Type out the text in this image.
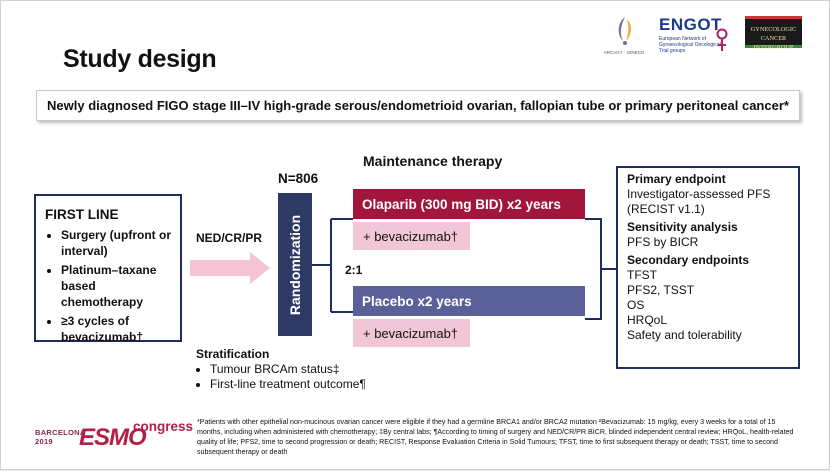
Study design	ARCAGY · GINECO
ENGOT
European Network of Gynaecological Oncological Trial groups
GYNECOLOGIC
CANCER INTERGROUP
Newly diagnosed FIGO stage III–IV high-grade serous/endometrioid ovarian, fallopian tube or primary peritoneal cancer*
FIRST LINE
• Surgery (upfront or interval)
• Platinum–taxane based chemotherapy
• ≥3 cycles of bevacizumab†
NED/CR/PR
N=806
Randomization	2:1
Maintenance therapy
Olaparib (300 mg BID) x2 years
+ bevacizumab†
Placebo x2 years
+ bevacizumab†
Primary endpoint
Investigator-assessed PFS
(RECIST v1.1)
Sensitivity analysis
PFS by BICR
Secondary endpoints
TFST
PFS2, TSST
OS
HRQoL
Safety and tolerability
Stratification
• Tumour BRCAm status‡
• First-line treatment outcome¶
BARCELONA
2019	ESMO
congress *Patients with other epithelial non-mucinous ovarian cancer were eligible if they had a germline BRCA1 and/or BRCA2 mutation ²Bevacizumab: 15 mg/kg, every 3 weeks for a total of 15 months, including when administered with chemotherapy; ‡By central labs; ¶According to timing of surgery and NED/CR/PR BICR, blinded independent central review; HRQoL, health-related quality of life; PFS2, time to second progression or death; RECIST, Response Evaluation Criteria in Solid Tumours; TFST, time to first subsequent therapy or death; TSST, time to second subsequent therapy or death
